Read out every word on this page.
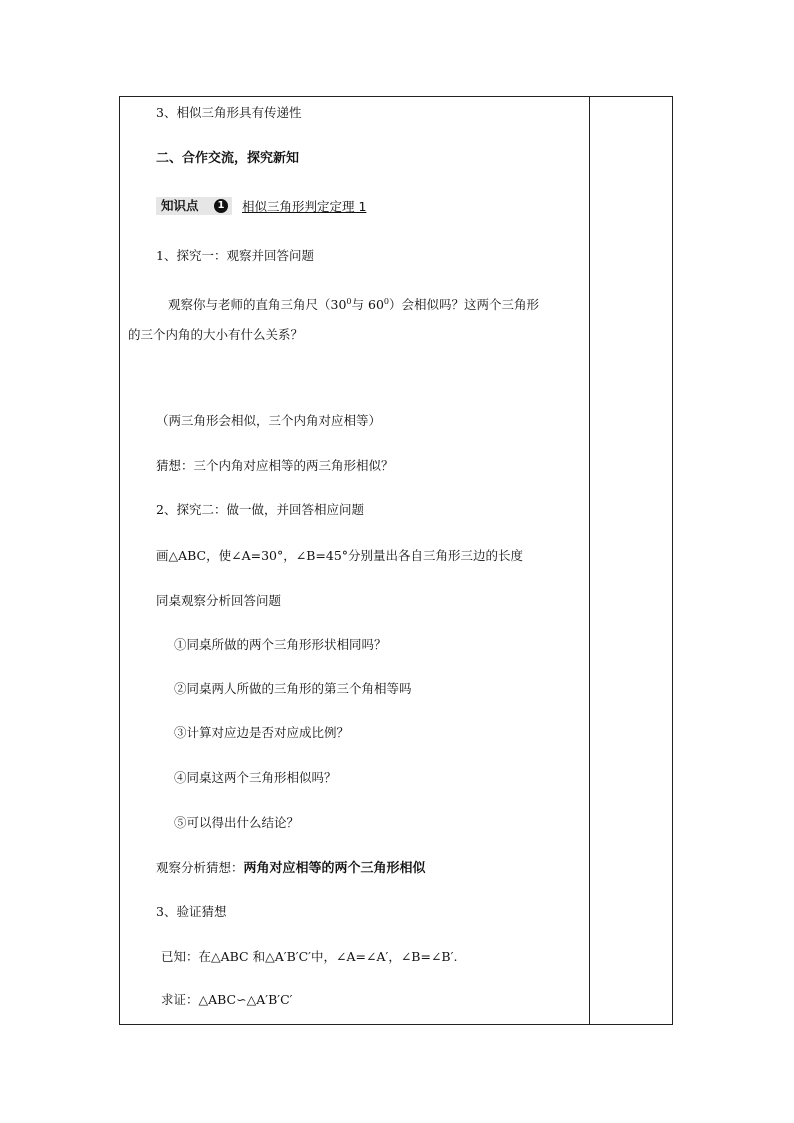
3、相似三角形具有传递性
二、合作交流，探究新知
知识点	1 相似三角形判定定理 1
1、探究一：观察并回答问题
观察你与老师的直角三角尺（$30^0$与 $60^0$）会相似吗？这两个三角形
的三个内角的大小有什么关系？
（两三角形会相似，三个内角对应相等）
猜想：三个内角对应相等的两三角形相似？
2、探究二：做一做，并回答相应问题
画△ABC，使∠A=30°，∠B=45°分别量出各自三角形三边的长度
同桌观察分析回答问题
①同桌所做的两个三角形形状相同吗？
②同桌两人所做的三角形的第三个角相等吗
③计算对应边是否对应成比例？
④同桌这两个三角形相似吗？
⑤可以得出什么结论？
观察分析猜想：两角对应相等的两个三角形相似
3、验证猜想
已知：在△ABC 和△A′B′C′中，∠A=∠A′，∠B=∠B′.
求证：△ABC∽△A′B′C′
